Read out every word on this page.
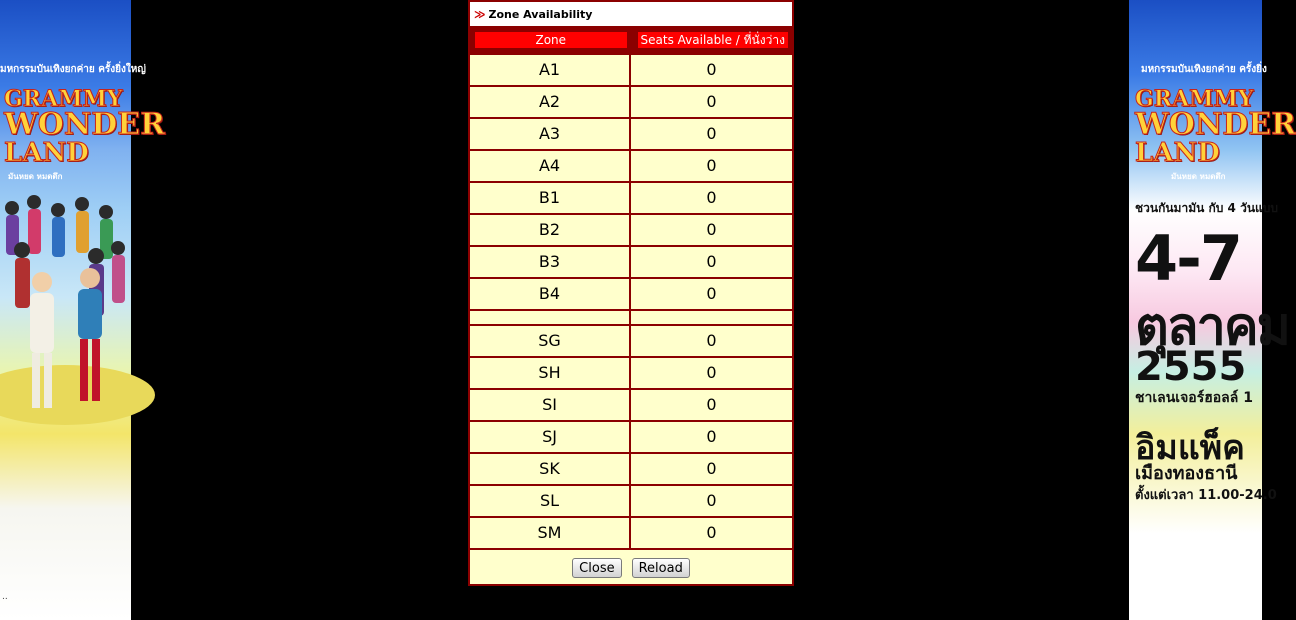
มหกรรมบันเทิงยกค่าย ครั้งยิ่งใหญ่
GRAMMY
WONDER
LAND
มันหยด หมดตึก
..
มหกรรมบันเทิงยกค่าย ครั้งยิ่ง
GRAMMY
WONDER
LAND
มันหยด หมดตึก
ชวนกันมามัน กับ 4 วันแบบ
4-7
ตุลาคม
2555
ชาเลนเจอร์ฮอลล์ 1
อิมแพ็ค
เมืองทองธานี
ตั้งแต่เวลา 11.00-24.0
≫ Zone Availability
Zone	Seats Available / ที่นั่งว่าง
A1	0
A2	0
A3	0
A4	0
B1	0
B2	0
B3	0
B4	0
SG	0
SH	0
SI	0
SJ	0
SK	0
SL	0
SM	0
Close	Reload
